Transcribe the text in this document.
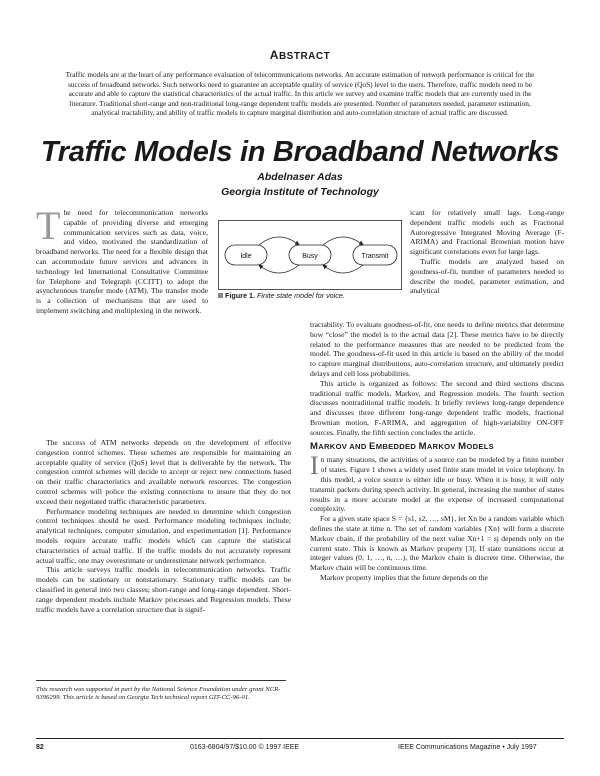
ABSTRACT
Traffic models are at the heart of any performance evaluation of telecommunications networks. An accurate estimation of network performance is critical for the success of broadband networks. Such networks need to guarantee an acceptable quality of service (QoS) level to the users. Therefore, traffic models need to be accurate and able to capture the statistical characteristics of the actual traffic. In this article we survey and examine traffic models that are currently used in the literature. Traditional short-range and non-traditional long-range dependent traffic models are presented. Number of parameters needed, parameter estimation, analytical tractability, and ability of traffic models to capture marginal distribution and auto-correlation structure of actual traffic are discussed.
Traffic Models in Broadband Networks
Abdelnaser Adas
Georgia Institute of Technology

The need for telecommunication networks capable of providing diverse and emerging communication services such as data, voice, and video, motivated the standardization of broadband networks. The need for a flexible design that can accommodate future services and advances in technology led International Consultative Committee for Telephone and Telegraph (CCITT) to adopt the asynchronous transfer mode (ATM). The transfer mode is a collection of mechanisms that are used to implement switching and multiplexing in the network.

The success of ATM networks depends on the development of effective congestion control schemes. These schemes are responsible for maintaining an acceptable quality of service (QoS) level that is deliverable by the network. The congestion control schemes will decide to accept or reject new connections based on their traffic characteristics and available network resources. The congestion control schemes will police the existing connections to insure that they do not exceed their negotiated traffic characteristic parameters.

Performance modeling techniques are needed to determine which congestion control techniques should be used. Performance modeling techniques include; analytical techniques, computer simulation, and experimentation [1]. Performance models require accurate traffic models which can capture the statistical characteristics of actual traffic. If the traffic models do not accurately represent actual traffic, one may overestimate or underestimate network performance.

This article surveys traffic models in telecommunication networks. Traffic models can be stationary or nonstationary. Stationary traffic models can be classified in general into two classes; short-range and long-range dependent. Short-range dependent models include Markov processes and Regression models. These traffic models have a correlation structure that is signif-

Idle	Busy	Transmit
Figure 1. Finite state model for voice.

icant for relatively small lags. Long-range dependent traffic models such as Fractional Autoregressive Integrated Moving Average (F-ARIMA) and Fractional Brownian motion have significant correlations even for large lags.

Traffic models are analyzed based on goodness-of-fit, number of parameters needed to describe the model, parameter estimation, and analytical

tractability. To evaluate goodness-of-fit, one needs to define metrics that determine how “close” the model is to the actual data [2]. These metrics have to be directly related to the performance measures that are needed to be predicted from the model. The goodness-of-fit used in this article is based on the ability of the model to capture marginal distributions, auto-correlation structure, and ultimately predict delays and cell loss probabilities.

This article is organized as follows: The second and third sections discuss traditional traffic models, Markov, and Regression models. The fourth section discusses nontraditional traffic models. It briefly reviews long-range dependence and discusses three different long-range dependent traffic models, fractional Brownian motion, F-ARIMA, and aggregation of high-variability ON-OFF sources. Finally, the fifth section concludes the article.

MARKOV AND EMBEDDED MARKOV MODELS

In many situations, the activities of a source can be modeled by a finite number of states. Figure 1 shows a widely used finite state model in voice telephony. In this model, a voice source is either idle or busy. When it is busy, it will only transmit packets during speech activity. In general, increasing the number of states results in a more accurate model at the expense of increased computational complexity.

For a given state space S = {s1, s2, …, sM}, let Xn be a random variable which defines the state at time n. The set of random variables {Xn} will form a discrete Markov chain, if the probability of the next value Xn+1 = sj depends only on the current state. This is known as Markov property [3]. If state transitions occur at integer values (0, 1, …, n, …), the Markov chain is discrete time. Otherwise, the Markov chain will be continuous time.

Markov property implies that the future depends on the

This research was supported in part by the National Science Foundation under grant NCR-9396299. This article is based on Georgia Tech technical report GIT-CC-96-01.
82	0163-6804/97/$10.00 © 1997 IEEE	IEEE Communications Magazine • July 1997
